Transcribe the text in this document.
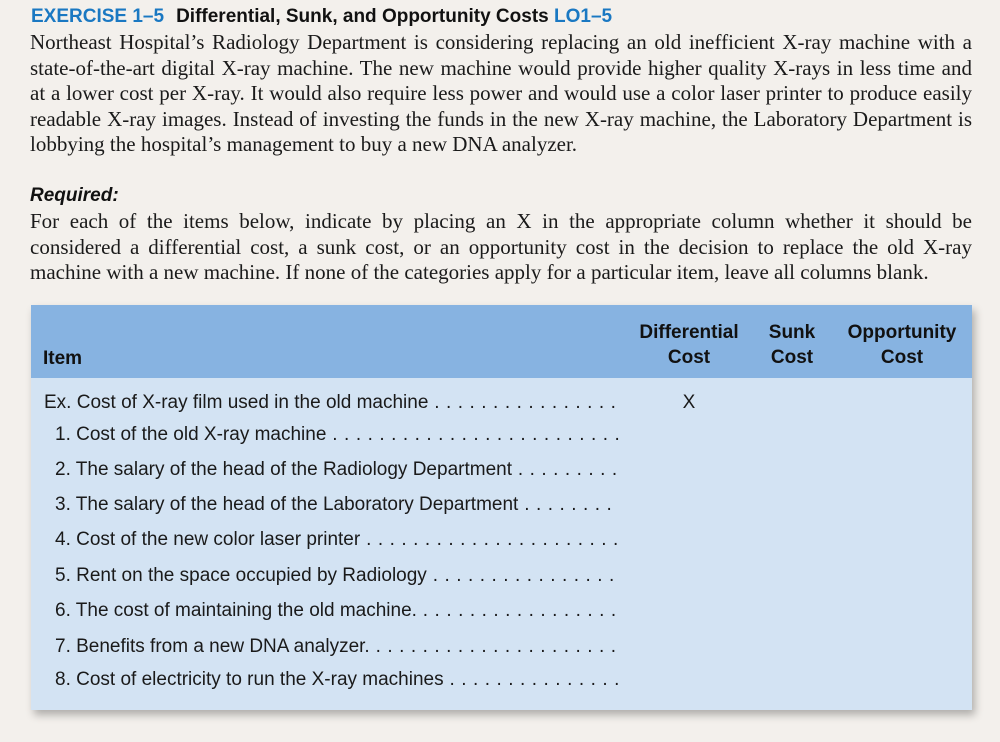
EXERCISE 1–5 Differential, Sunk, and Opportunity Costs LO1–5

Northeast Hospital’s Radiology Department is considering replacing an old inefficient X-ray machine with a state-of-the-art digital X-ray machine. The new machine would provide higher quality X-rays in less time and at a lower cost per X-ray. It would also require less power and would use a color laser printer to produce easily readable X-ray images. Instead of investing the funds in the new X-ray machine, the Laboratory Department is lobbying the hospital’s management to buy a new DNA analyzer.

Required:

For each of the items below, indicate by placing an X in the appropriate column whether it should be considered a differential cost, a sunk cost, or an opportunity cost in the decision to replace the old X-ray machine with a new machine. If none of the categories apply for a particular item, leave all columns blank.

Item
Differential
Cost
Sunk
Cost
Opportunity
Cost
Ex. Cost of X-ray film used in the old machine . . .	X
1. Cost of the old X-ray machine . . .
2. The salary of the head of the Radiology Department . . .
3. The salary of the head of the Laboratory Department . . .
4. Cost of the new color laser printer . . .
5. Rent on the space occupied by Radiology . . .
6. The cost of maintaining the old machine. . . .
7. Benefits from a new DNA analyzer. . . .
8. Cost of electricity to run the X-ray machines . . .
